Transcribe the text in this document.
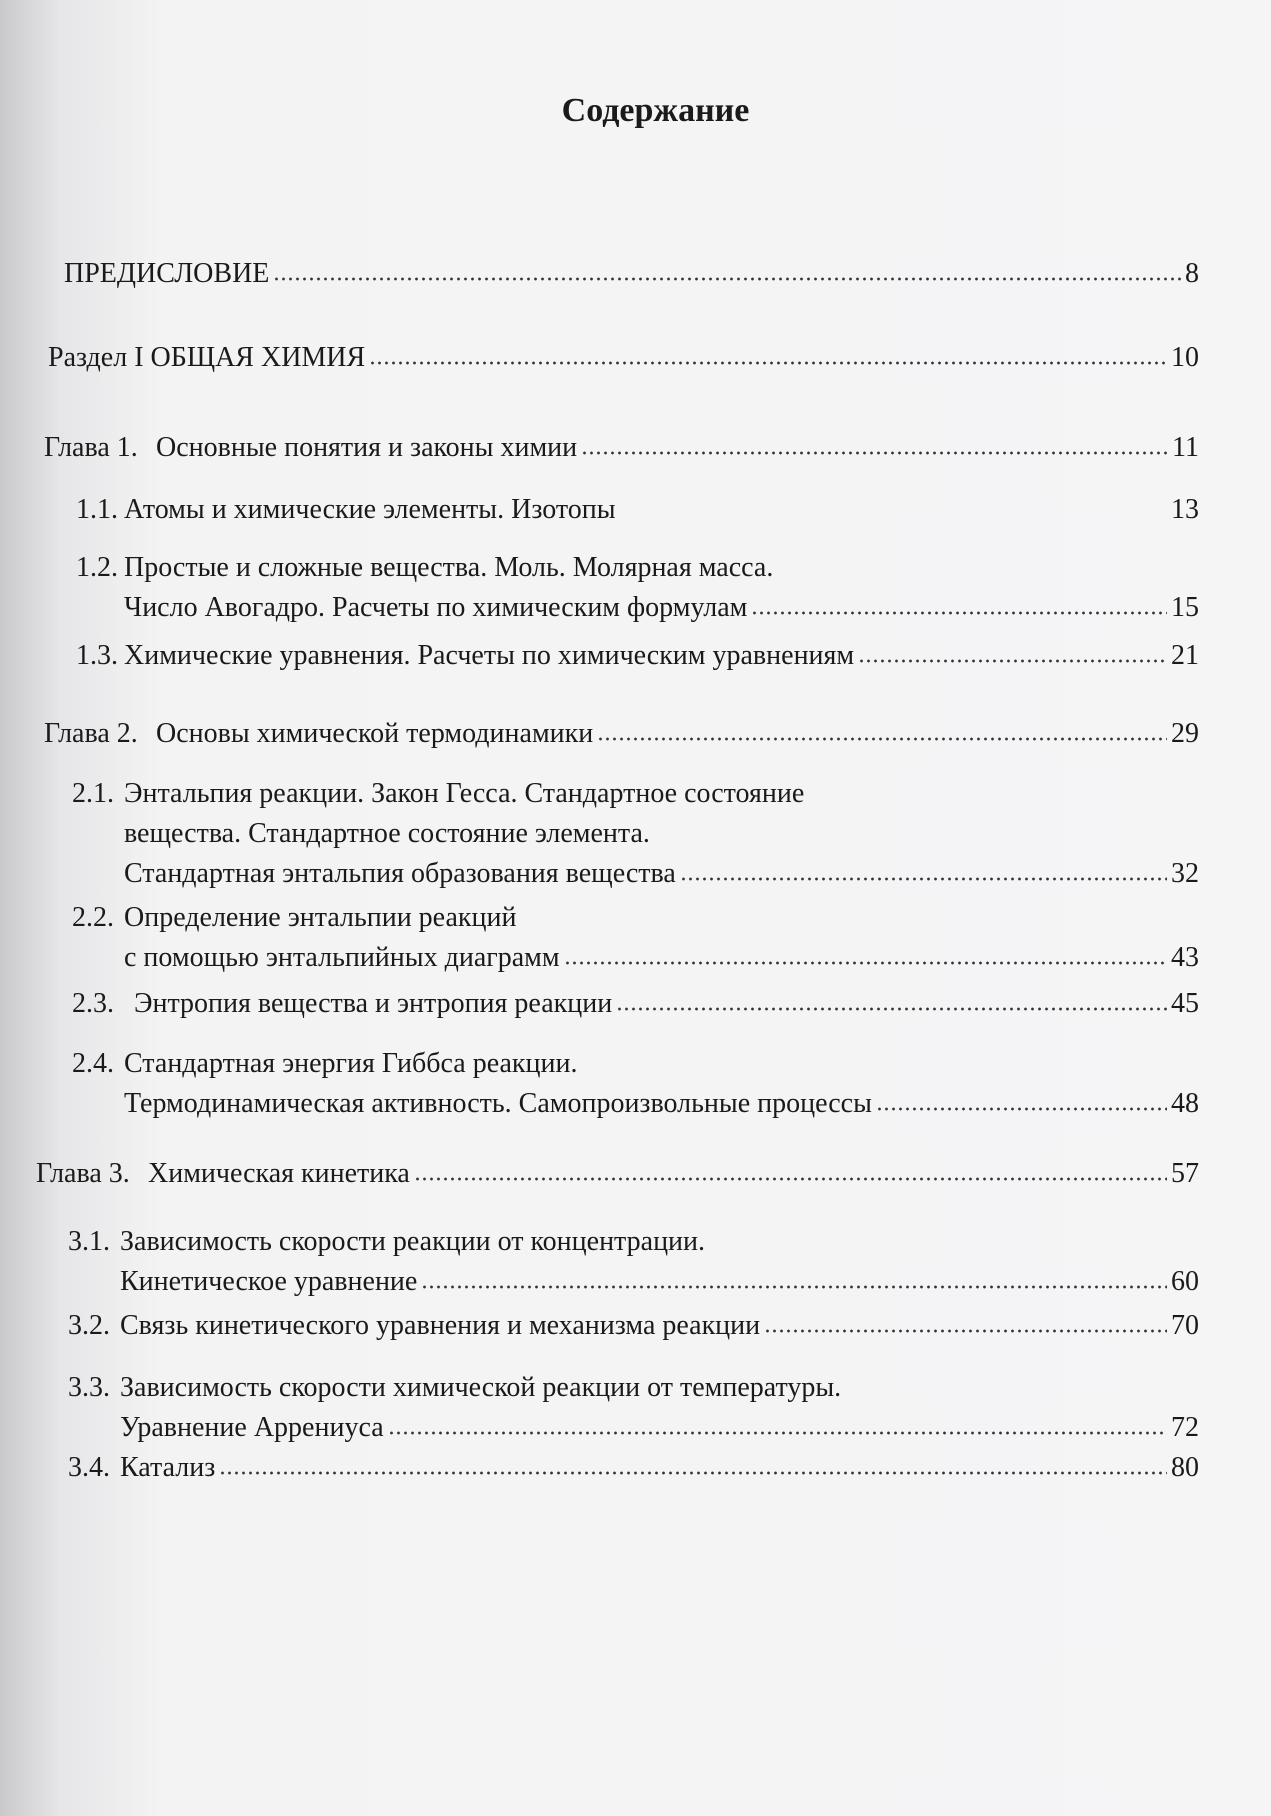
Содержание
ПРЕДИСЛОВИЕ	8
Раздел I ОБЩАЯ ХИМИЯ	10
Глава 1. Основные понятия и законы химии	11
1.1. Атомы и химические элементы. Изотопы	13
1.2. Простые и сложные вещества. Моль. Молярная масса.
Число Авогадро. Расчеты по химическим формулам	15
1.3. Химические уравнения. Расчеты по химическим уравнениям	21
Глава 2. Основы химической термодинамики	29
2.1. Энтальпия реакции. Закон Гесса. Стандартное состояние
вещества. Стандартное состояние элемента.
Стандартная энтальпия образования вещества	32
2.2. Определение энтальпии реакций
с помощью энтальпийных диаграмм	43
2.3. Энтропия вещества и энтропия реакции	45
2.4. Стандартная энергия Гиббса реакции.
Термодинамическая активность. Самопроизвольные процессы	48
Глава 3. Химическая кинетика	57
3.1. Зависимость скорости реакции от концентрации.
Кинетическое уравнение	60
3.2. Связь кинетического уравнения и механизма реакции	70
3.3. Зависимость скорости химической реакции от температуры.
Уравнение Аррениуса	72
3.4. Катализ	80
